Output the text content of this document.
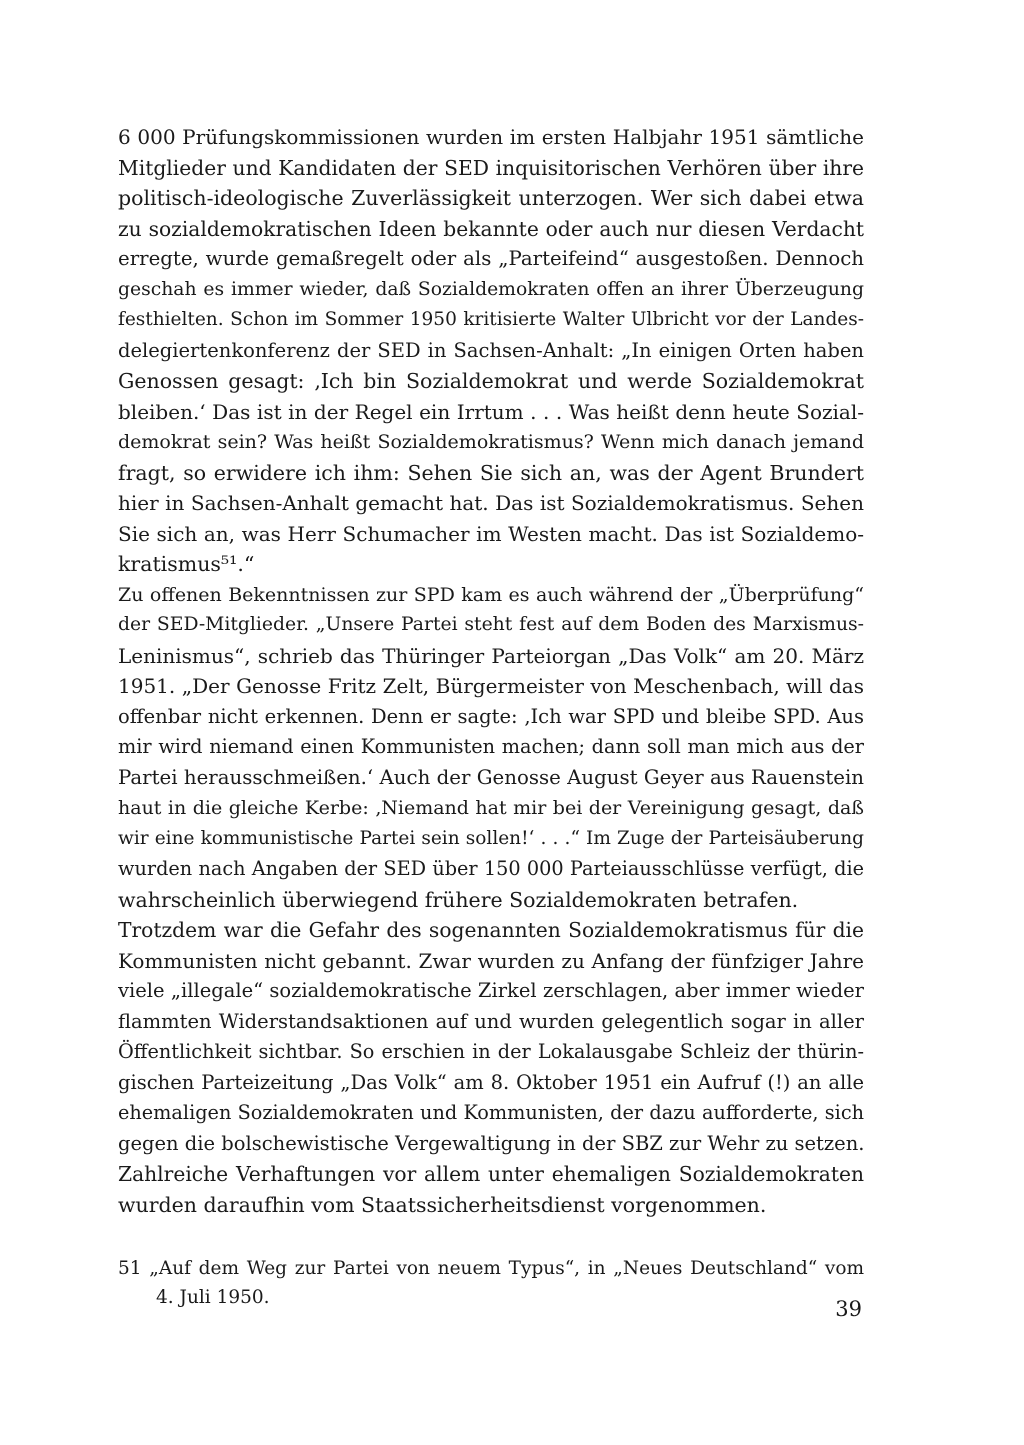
6 000 Prüfungskommissionen wurden im ersten Halbjahr 1951 sämtliche
Mitglieder und Kandidaten der SED inquisitorischen Verhören über ihre
politisch-ideologische Zuverlässigkeit unterzogen. Wer sich dabei etwa
zu sozialdemokratischen Ideen bekannte oder auch nur diesen Verdacht
erregte, wurde gemaßregelt oder als „Parteifeind“ ausgestoßen. Dennoch
geschah es immer wieder, daß Sozialdemokraten offen an ihrer Überzeugung
festhielten. Schon im Sommer 1950 kritisierte Walter Ulbricht vor der Landes-
delegiertenkonferenz der SED in Sachsen-Anhalt: „In einigen Orten haben
Genossen gesagt: ‚Ich bin Sozialdemokrat und werde Sozialdemokrat
bleiben.‘ Das ist in der Regel ein Irrtum . . . Was heißt denn heute Sozial-
demokrat sein? Was heißt Sozialdemokratismus? Wenn mich danach jemand
fragt, so erwidere ich ihm: Sehen Sie sich an, was der Agent Brundert
hier in Sachsen-Anhalt gemacht hat. Das ist Sozialdemokratismus. Sehen
Sie sich an, was Herr Schumacher im Westen macht. Das ist Sozialdemo-
kratismus⁵¹.“
Zu offenen Bekenntnissen zur SPD kam es auch während der „Überprüfung“
der SED-Mitglieder. „Unsere Partei steht fest auf dem Boden des Marxismus-
Leninismus“, schrieb das Thüringer Parteiorgan „Das Volk“ am 20. März
1951. „Der Genosse Fritz Zelt, Bürgermeister von Meschenbach, will das
offenbar nicht erkennen. Denn er sagte: ‚Ich war SPD und bleibe SPD. Aus
mir wird niemand einen Kommunisten machen; dann soll man mich aus der
Partei herausschmeißen.‘ Auch der Genosse August Geyer aus Rauenstein
haut in die gleiche Kerbe: ‚Niemand hat mir bei der Vereinigung gesagt, daß
wir eine kommunistische Partei sein sollen!‘ . . .“ Im Zuge der Parteisäuberung
wurden nach Angaben der SED über 150 000 Parteiausschlüsse verfügt, die
wahrscheinlich überwiegend frühere Sozialdemokraten betrafen.
Trotzdem war die Gefahr des sogenannten Sozialdemokratismus für die
Kommunisten nicht gebannt. Zwar wurden zu Anfang der fünfziger Jahre
viele „illegale“ sozialdemokratische Zirkel zerschlagen, aber immer wieder
flammten Widerstandsaktionen auf und wurden gelegentlich sogar in aller
Öffentlichkeit sichtbar. So erschien in der Lokalausgabe Schleiz der thürin-
gischen Parteizeitung „Das Volk“ am 8. Oktober 1951 ein Aufruf (!) an alle
ehemaligen Sozialdemokraten und Kommunisten, der dazu aufforderte, sich
gegen die bolschewistische Vergewaltigung in der SBZ zur Wehr zu setzen.
Zahlreiche Verhaftungen vor allem unter ehemaligen Sozialdemokraten
wurden daraufhin vom Staatssicherheitsdienst vorgenommen.
51 „Auf dem Weg zur Partei von neuem Typus“, in „Neues Deutschland“ vom
4. Juli 1950.	39
